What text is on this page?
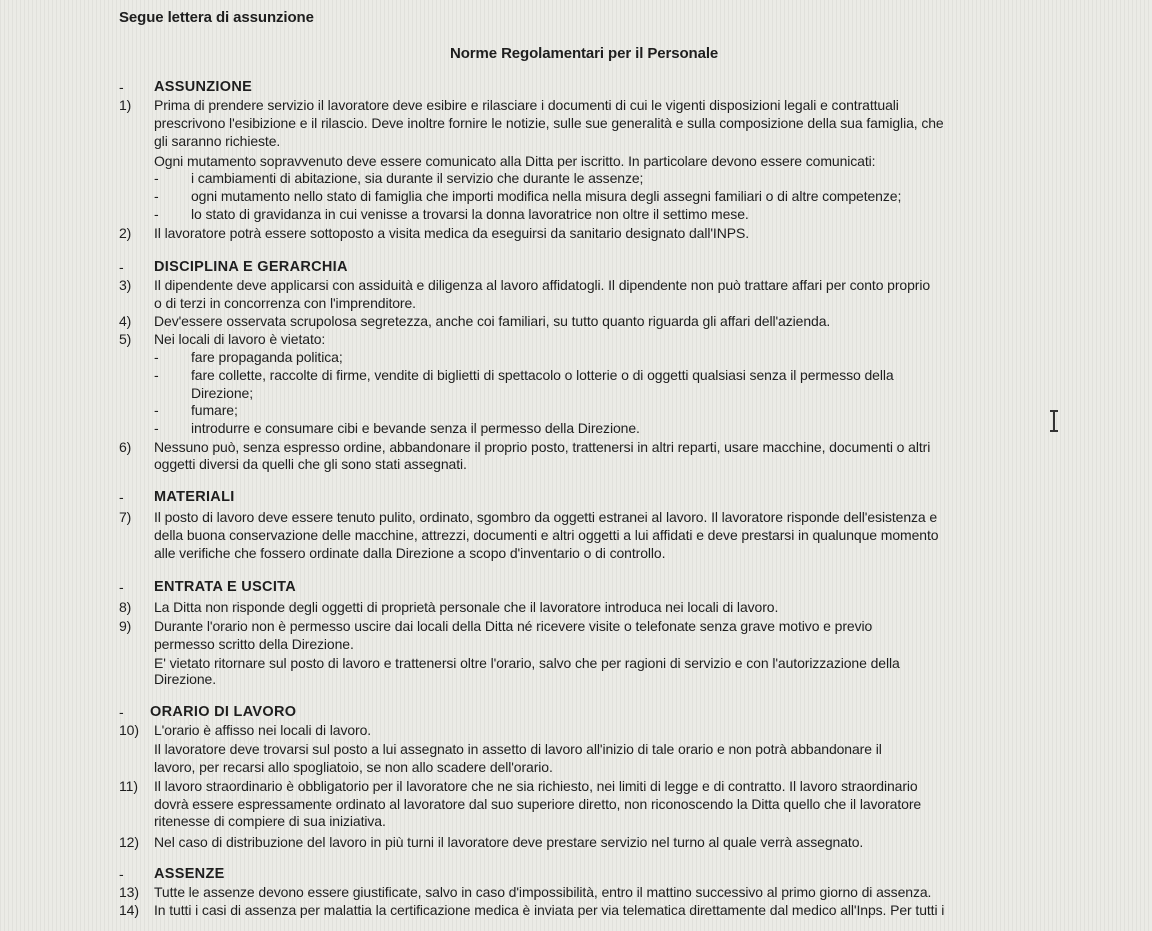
Segue lettera di assunzione
Norme Regolamentari per il Personale
- ASSUNZIONE
1) Prima di prendere servizio il lavoratore deve esibire e rilasciare i documenti di cui le vigenti disposizioni legali e contrattuali
prescrivono l'esibizione e il rilascio. Deve inoltre fornire le notizie, sulle sue generalità e sulla composizione della sua famiglia, che
gli saranno richieste.
Ogni mutamento sopravvenuto deve essere comunicato alla Ditta per iscritto. In particolare devono essere comunicati:
- i cambiamenti di abitazione, sia durante il servizio che durante le assenze;
- ogni mutamento nello stato di famiglia che importi modifica nella misura degli assegni familiari o di altre competenze;
- lo stato di gravidanza in cui venisse a trovarsi la donna lavoratrice non oltre il settimo mese.
2) Il lavoratore potrà essere sottoposto a visita medica da eseguirsi da sanitario designato dall'INPS.
- DISCIPLINA E GERARCHIA
3) Il dipendente deve applicarsi con assiduità e diligenza al lavoro affidatogli. Il dipendente non può trattare affari per conto proprio
o di terzi in concorrenza con l'imprenditore.
4) Dev'essere osservata scrupolosa segretezza, anche coi familiari, su tutto quanto riguarda gli affari dell'azienda.
5) Nei locali di lavoro è vietato:
- fare propaganda politica;
- fare collette, raccolte di firme, vendite di biglietti di spettacolo o lotterie o di oggetti qualsiasi senza il permesso della
Direzione;
- fumare;
- introdurre e consumare cibi e bevande senza il permesso della Direzione.
6) Nessuno può, senza espresso ordine, abbandonare il proprio posto, trattenersi in altri reparti, usare macchine, documenti o altri
oggetti diversi da quelli che gli sono stati assegnati.
- MATERIALI
7) Il posto di lavoro deve essere tenuto pulito, ordinato, sgombro da oggetti estranei al lavoro. Il lavoratore risponde dell'esistenza e
della buona conservazione delle macchine, attrezzi, documenti e altri oggetti a lui affidati e deve prestarsi in qualunque momento
alle verifiche che fossero ordinate dalla Direzione a scopo d'inventario o di controllo.
- ENTRATA E USCITA
8) La Ditta non risponde degli oggetti di proprietà personale che il lavoratore introduca nei locali di lavoro.
9) Durante l'orario non è permesso uscire dai locali della Ditta né ricevere visite o telefonate senza grave motivo e previo
permesso scritto della Direzione.
E' vietato ritornare sul posto di lavoro e trattenersi oltre l'orario, salvo che per ragioni di servizio e con l'autorizzazione della
Direzione.
- ORARIO DI LAVORO
10) L'orario è affisso nei locali di lavoro.
Il lavoratore deve trovarsi sul posto a lui assegnato in assetto di lavoro all'inizio di tale orario e non potrà abbandonare il
lavoro, per recarsi allo spogliatoio, se non allo scadere dell'orario.
11) Il lavoro straordinario è obbligatorio per il lavoratore che ne sia richiesto, nei limiti di legge e di contratto. Il lavoro straordinario
dovrà essere espressamente ordinato al lavoratore dal suo superiore diretto, non riconoscendo la Ditta quello che il lavoratore
ritenesse di compiere di sua iniziativa.
12) Nel caso di distribuzione del lavoro in più turni il lavoratore deve prestare servizio nel turno al quale verrà assegnato.
- ASSENZE
13) Tutte le assenze devono essere giustificate, salvo in caso d'impossibilità, entro il mattino successivo al primo giorno di assenza.
14) In tutti i casi di assenza per malattia la certificazione medica è inviata per via telematica direttamente dal medico all'Inps. Per tutti i
